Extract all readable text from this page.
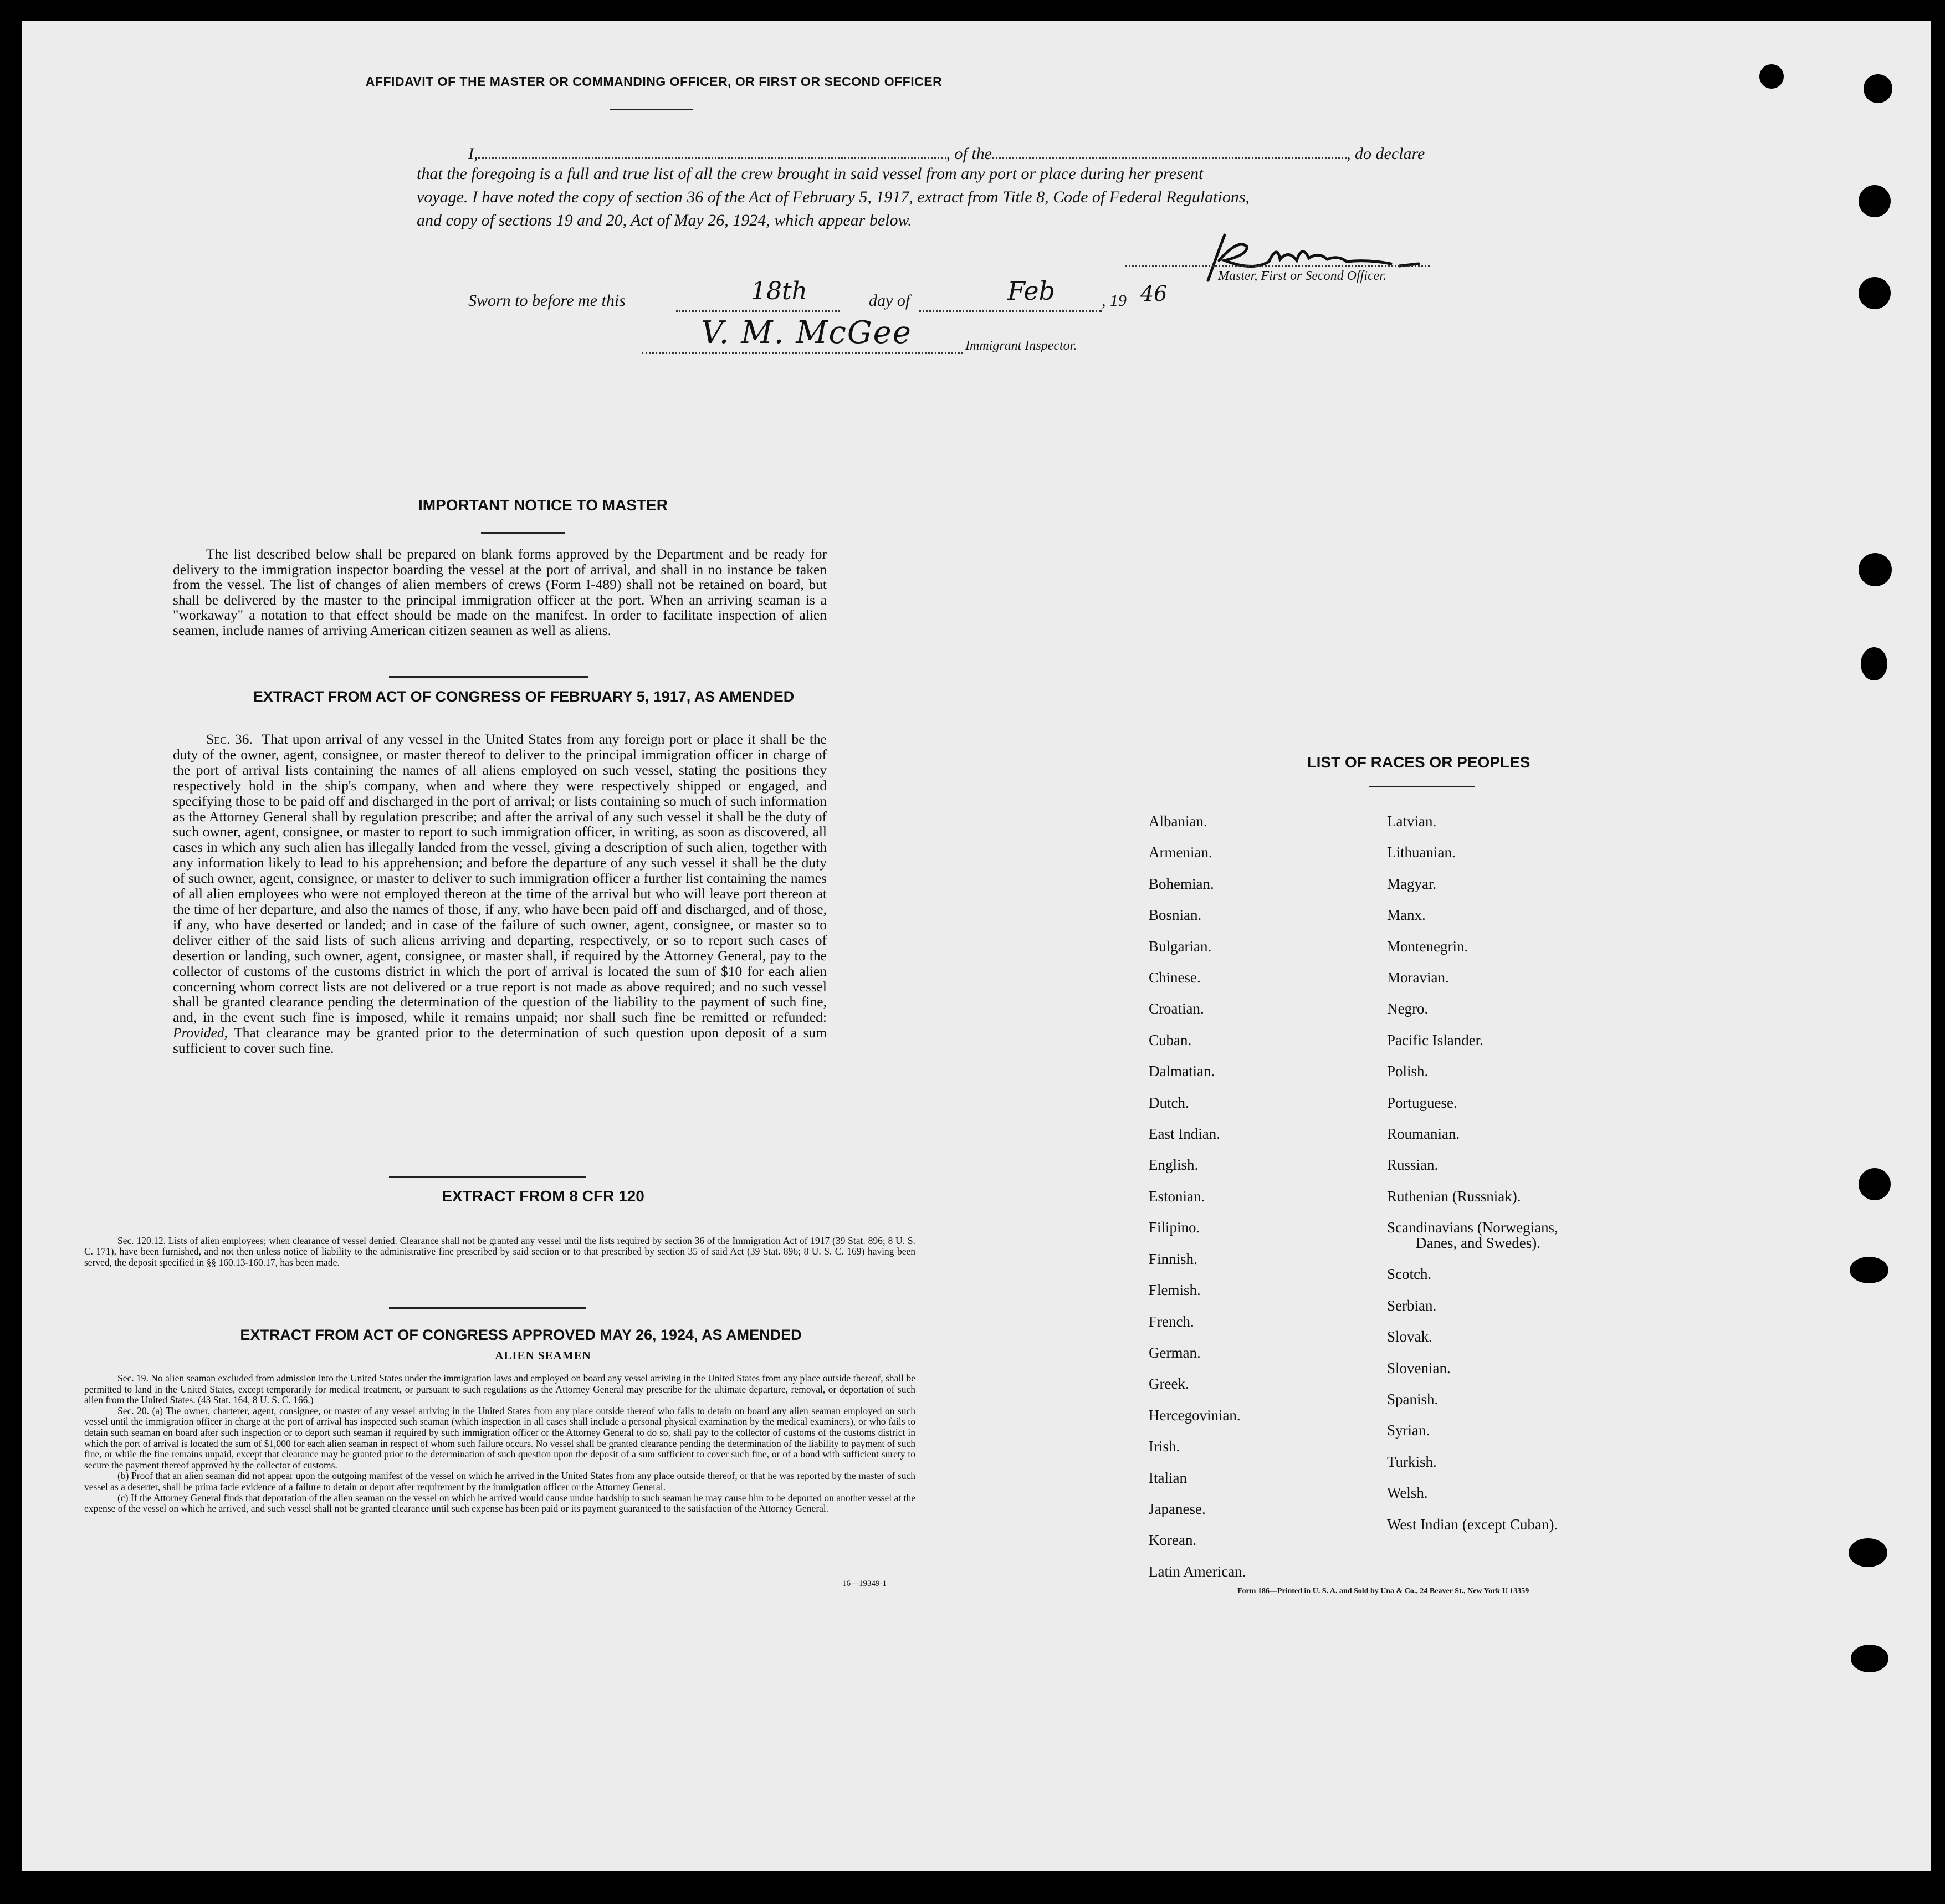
AFFIDAVIT OF THE MASTER OR COMMANDING OFFICER, OR FIRST OR SECOND OFFICER
I,	, of the	, do declare
that the foregoing is a full and true list of all the crew brought in said vessel from any port or place during her present
voyage. I have noted the copy of section 36 of the Act of February 5, 1917, extract from Title 8, Code of Federal Regulations,
and copy of sections 19 and 20, Act of May 26, 1924, which appear below.
Master, First or Second Officer.
Sworn to before me this	18th	day of	Feb	, 19 46
V. M. McGee	Immigrant Inspector.
IMPORTANT NOTICE TO MASTER
The list described below shall be prepared on blank forms approved by the Department and be ready for delivery to the immigration inspector boarding the vessel at the port of arrival, and shall in no instance be taken from the vessel. The list of changes of alien members of crews (Form I-489) shall not be retained on board, but shall be delivered by the master to the principal immigration officer at the port. When an arriving seaman is a "workaway" a notation to that effect should be made on the manifest. In order to facilitate inspection of alien seamen, include names of arriving American citizen seamen as well as aliens.
EXTRACT FROM ACT OF CONGRESS OF FEBRUARY 5, 1917, AS AMENDED
Sec. 36. That upon arrival of any vessel in the United States from any foreign port or place it shall be the duty of the owner, agent, consignee, or master thereof to deliver to the principal immigration officer in charge of the port of arrival lists containing the names of all aliens employed on such vessel, stating the positions they respectively hold in the ship's company, when and where they were respectively shipped or engaged, and specifying those to be paid off and discharged in the port of arrival; or lists containing so much of such information as the Attorney General shall by regulation prescribe; and after the arrival of any such vessel it shall be the duty of such owner, agent, consignee, or master to report to such immigration officer, in writing, as soon as discovered, all cases in which any such alien has illegally landed from the vessel, giving a description of such alien, together with any information likely to lead to his apprehension; and before the departure of any such vessel it shall be the duty of such owner, agent, consignee, or master to deliver to such immigration officer a further list containing the names of all alien employees who were not employed thereon at the time of the arrival but who will leave port thereon at the time of her departure, and also the names of those, if any, who have been paid off and discharged, and of those, if any, who have deserted or landed; and in case of the failure of such owner, agent, consignee, or master so to deliver either of the said lists of such aliens arriving and departing, respectively, or so to report such cases of desertion or landing, such owner, agent, consignee, or master shall, if required by the Attorney General, pay to the collector of customs of the customs district in which the port of arrival is located the sum of $10 for each alien concerning whom correct lists are not delivered or a true report is not made as above required; and no such vessel shall be granted clearance pending the determination of the question of the liability to the payment of such fine, and, in the event such fine is imposed, while it remains unpaid; nor shall such fine be remitted or refunded: Provided, That clearance may be granted prior to the determination of such question upon deposit of a sum sufficient to cover such fine.
EXTRACT FROM 8 CFR 120
Sec. 120.12. Lists of alien employees; when clearance of vessel denied. Clearance shall not be granted any vessel until the lists required by section 36 of the Immigration Act of 1917 (39 Stat. 896; 8 U. S. C. 171), have been furnished, and not then unless notice of liability to the administrative fine prescribed by said section or to that prescribed by section 35 of said Act (39 Stat. 896; 8 U. S. C. 169) having been served, the deposit specified in §§ 160.13-160.17, has been made.
EXTRACT FROM ACT OF CONGRESS APPROVED MAY 26, 1924, AS AMENDED
ALIEN SEAMEN
Sec. 19. No alien seaman excluded from admission into the United States under the immigration laws and employed on board any vessel arriving in the United States from any place outside thereof, shall be permitted to land in the United States, except temporarily for medical treatment, or pursuant to such regulations as the Attorney General may prescribe for the ultimate departure, removal, or deportation of such alien from the United States. (43 Stat. 164, 8 U. S. C. 166.)
Sec. 20. (a) The owner, charterer, agent, consignee, or master of any vessel arriving in the United States from any place outside thereof who fails to detain on board any alien seaman employed on such vessel until the immigration officer in charge at the port of arrival has inspected such seaman (which inspection in all cases shall include a personal physical examination by the medical examiners), or who fails to detain such seaman on board after such inspection or to deport such seaman if required by such immigration officer or the Attorney General to do so, shall pay to the collector of customs of the customs district in which the port of arrival is located the sum of $1,000 for each alien seaman in respect of whom such failure occurs. No vessel shall be granted clearance pending the determination of the liability to payment of such fine, or while the fine remains unpaid, except that clearance may be granted prior to the determination of such question upon the deposit of a sum sufficient to cover such fine, or of a bond with sufficient surety to secure the payment thereof approved by the collector of customs.
(b) Proof that an alien seaman did not appear upon the outgoing manifest of the vessel on which he arrived in the United States from any place outside thereof, or that he was reported by the master of such vessel as a deserter, shall be prima facie evidence of a failure to detain or deport after requirement by the immigration officer or the Attorney General.
(c) If the Attorney General finds that deportation of the alien seaman on the vessel on which he arrived would cause undue hardship to such seaman he may cause him to be deported on another vessel at the expense of the vessel on which he arrived, and such vessel shall not be granted clearance until such expense has been paid or its payment guaranteed to the satisfaction of the Attorney General.
16—19349-1
LIST OF RACES OR PEOPLES
Albanian.
Armenian.
Bohemian.
Bosnian.
Bulgarian.
Chinese.
Croatian.
Cuban.
Dalmatian.
Dutch.
East Indian.
English.
Estonian.
Filipino.
Finnish.
Flemish.
French.
German.
Greek.
Hercegovinian.
Irish.
Italian
Japanese.
Korean.
Latin American.
Latvian.
Lithuanian.
Magyar.
Manx.
Montenegrin.
Moravian.
Negro.
Pacific Islander.
Polish.
Portuguese.
Roumanian.
Russian.
Ruthenian (Russniak).
Scandinavians (Norwegians,
Danes, and Swedes).
Scotch.
Serbian.
Slovak.
Slovenian.
Spanish.
Syrian.
Turkish.
Welsh.
West Indian (except Cuban).
Form 186—Printed in U. S. A. and Sold by Una & Co., 24 Beaver St., New York U 13359
